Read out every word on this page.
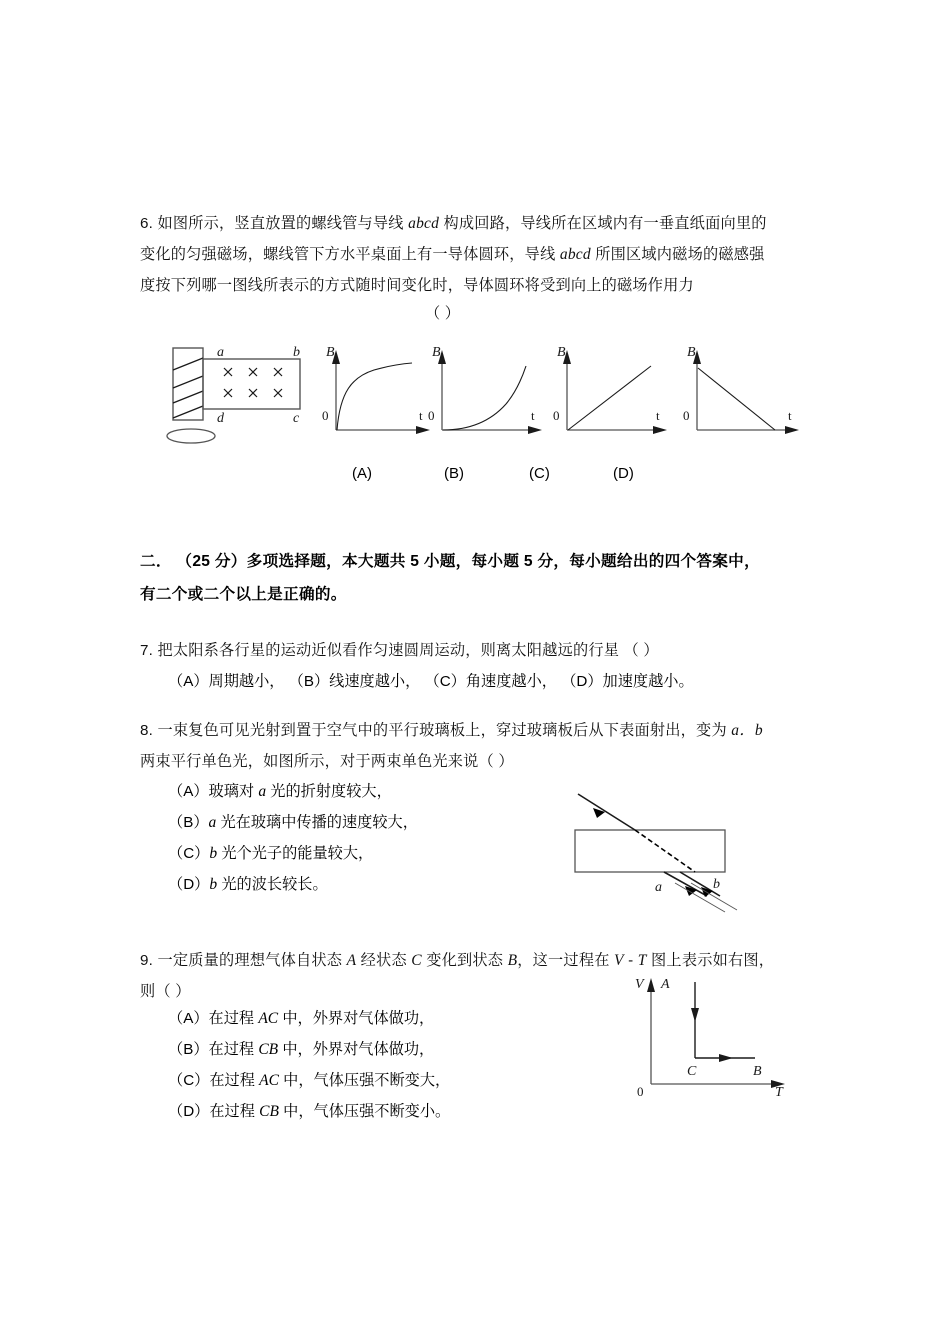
6. 如图所示，竖直放置的螺线管与导线 abcd 构成回路，导线所在区域内有一垂直纸面向里的
变化的匀强磁场，螺线管下方水平桌面上有一导体圆环，导线 abcd 所围区域内磁场的磁感强
度按下列哪一图线所表示的方式随时间变化时，导体圆环将受到向上的磁场作用力
（ ）
a	b
d	c
B
0	t
B
0	t
B
0	t
B
0	t
(A)	(B)	(C)	(D)
二． （25 分）多项选择题，本大题共 5 小题，每小题 5 分，每小题给出的四个答案中，
有二个或二个以上是正确的。
7. 把太阳系各行星的运动近似看作匀速圆周运动，则离太阳越远的行星 （ ）
（A）周期越小， （B）线速度越小， （C）角速度越小， （D）加速度越小。
8. 一束复色可见光射到置于空气中的平行玻璃板上，穿过玻璃板后从下表面射出，变为 a．b
两束平行单色光，如图所示，对于两束单色光来说（ ）
（A）玻璃对 a 光的折射度较大，
（B）a 光在玻璃中传播的速度较大，
（C）b 光个光子的能量较大，
（D）b 光的波长较长。	a	b
9. 一定质量的理想气体自状态 A 经状态 C 变化到状态 B，这一过程在 V - T 图上表示如右图，
则（ ）
（A）在过程 AC 中，外界对气体做功，
（B）在过程 CB 中，外界对气体做功，
（C）在过程 AC 中，气体压强不断变大，
（D）在过程 CB 中，气体压强不断变小。
V A
C	B
0	T
